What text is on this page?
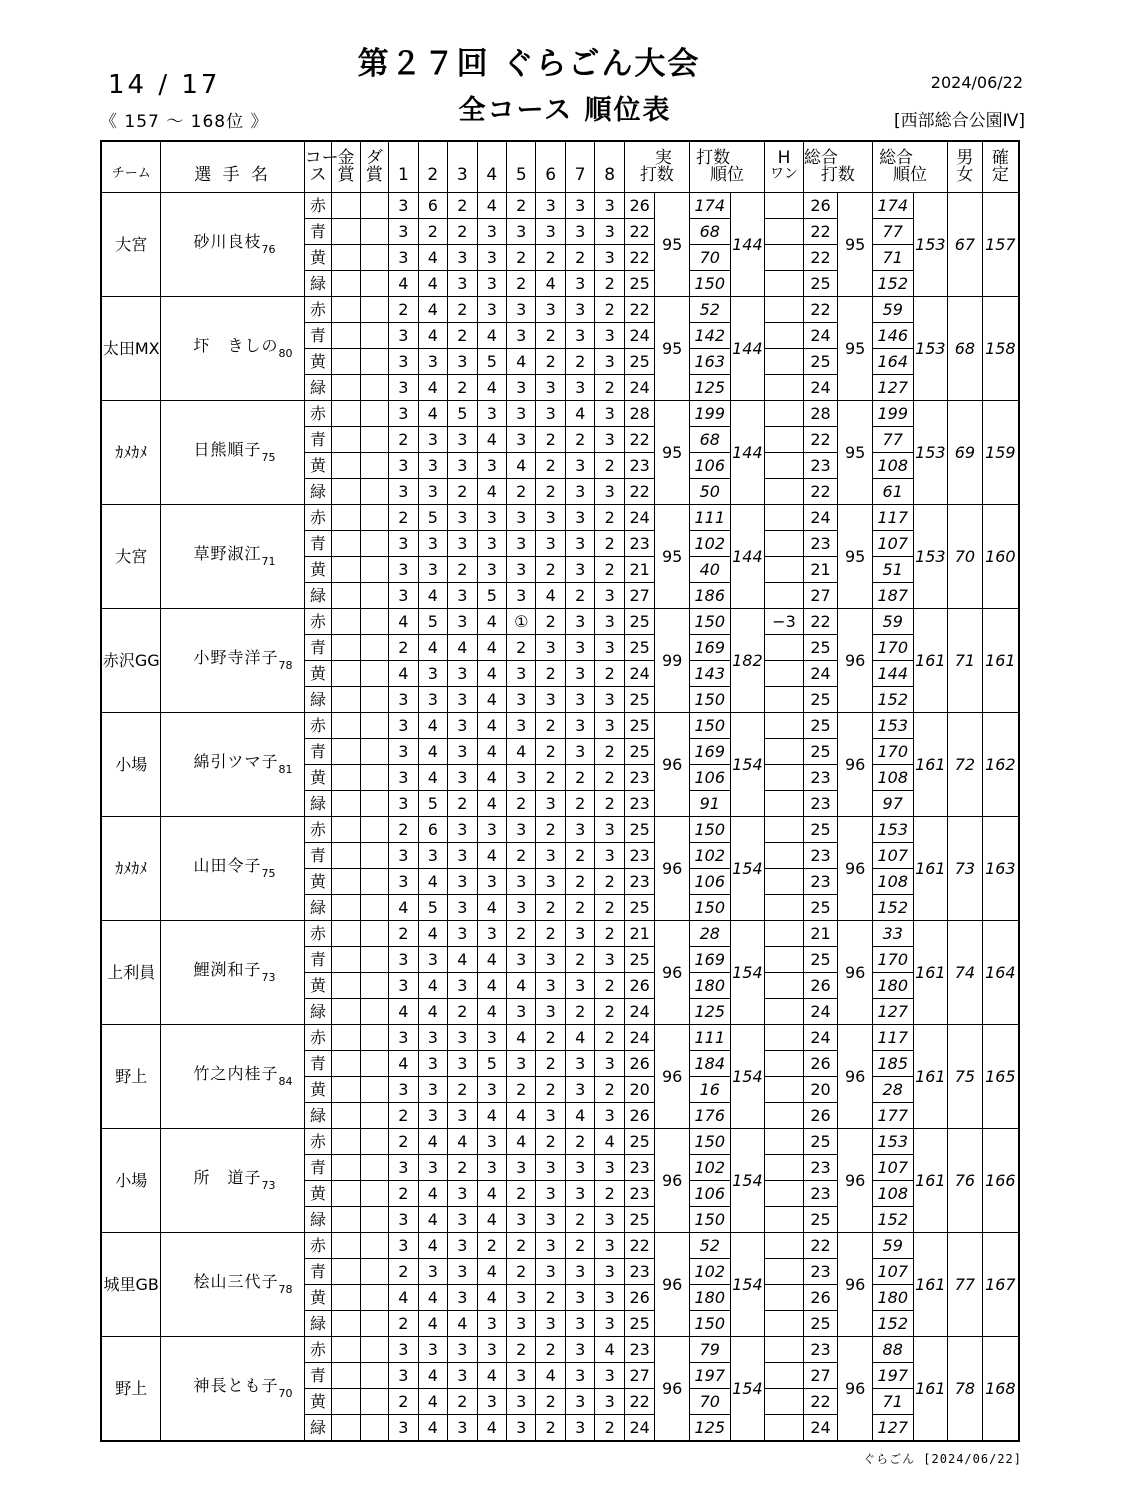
第２７回 ぐらごん大会
14 / 17	2024/06/22
《 157 ～ 168位 》	全コース 順位表	[西部総合公園Ⅳ]
		コー	金	ダ										実	打数		H	総合		総合		男	確
チーム	選 手 名	ス	賞	賞	1	2	3	4	5	6	7	8	打数		順位		ワン	打数		順位		女	定
大宮	砂川良枝$_{76}$	赤			3	6	2	4	2	3	3	3	26	95	174	144		26	95	174	153	67	157
		青			3	2	2	3	3	3	3	3	22		68			22		77			
		黄			3	4	3	3	2	2	2	3	22		70			22		71			
		緑			4	4	3	3	2	4	3	2	25		150			25		152			
太田MX	圷　きしの$_{80}$	赤			2	4	2	3	3	3	3	2	22	95	52	144		22	95	59	153	68	158
		青			3	4	2	4	3	2	3	3	24		142			24		146			
		黄			3	3	3	5	4	2	2	3	25		163			25		164			
		緑			3	4	2	4	3	3	3	2	24		125			24		127			
ｶﾒｶﾒ	日熊順子$_{75}$	赤			3	4	5	3	3	3	4	3	28	95	199	144		28	95	199	153	69	159
		青			2	3	3	4	3	2	2	3	22		68			22		77			
		黄			3	3	3	3	4	2	3	2	23		106			23		108			
		緑			3	3	2	4	2	2	3	3	22		50			22		61			
大宮	草野淑江$_{71}$	赤			2	5	3	3	3	3	3	2	24	95	111	144		24	95	117	153	70	160
		青			3	3	3	3	3	3	3	2	23		102			23		107			
		黄			3	3	2	3	3	2	3	2	21		40			21		51			
		緑			3	4	3	5	3	4	2	3	27		186			27		187			
赤沢GG	小野寺洋子$_{78}$	赤			4	5	3	4	①	2	3	3	25	99	150	182	−3	22	96	59	161	71	161
		青			2	4	4	4	2	3	3	3	25		169			25		170			
		黄			4	3	3	4	3	2	3	2	24		143			24		144			
		緑			3	3	3	4	3	3	3	3	25		150			25		152			
小場	綿引ツマ子$_{81}$	赤			3	4	3	4	3	2	3	3	25	96	150	154		25	96	153	161	72	162
		青			3	4	3	4	4	2	3	2	25		169			25		170			
		黄			3	4	3	4	3	2	2	2	23		106			23		108			
		緑			3	5	2	4	2	3	2	2	23		91			23		97			
ｶﾒｶﾒ	山田令子$_{75}$	赤			2	6	3	3	3	2	3	3	25	96	150	154		25	96	153	161	73	163
		青			3	3	3	4	2	3	2	3	23		102			23		107			
		黄			3	4	3	3	3	3	2	2	23		106			23		108			
		緑			4	5	3	4	3	2	2	2	25		150			25		152			
上利員	鯉渕和子$_{73}$	赤			2	4	3	3	2	2	3	2	21	96	28	154		21	96	33	161	74	164
		青			3	3	4	4	3	3	2	3	25		169			25		170			
		黄			3	4	3	4	4	3	3	2	26		180			26		180			
		緑			4	4	2	4	3	3	2	2	24		125			24		127			
野上	竹之内桂子$_{84}$	赤			3	3	3	3	4	2	4	2	24	96	111	154		24	96	117	161	75	165
		青			4	3	3	5	3	2	3	3	26		184			26		185			
		黄			3	3	2	3	2	2	3	2	20		16			20		28			
		緑			2	3	3	4	4	3	4	3	26		176			26		177			
小場	所　道子$_{73}$	赤			2	4	4	3	4	2	2	4	25	96	150	154		25	96	153	161	76	166
		青			3	3	2	3	3	3	3	3	23		102			23		107			
		黄			2	4	3	4	2	3	3	2	23		106			23		108			
		緑			3	4	3	4	3	3	2	3	25		150			25		152			
城里GB	桧山三代子$_{78}$	赤			3	4	3	2	2	3	2	3	22	96	52	154		22	96	59	161	77	167
		青			2	3	3	4	2	3	3	3	23		102			23		107			
		黄			4	4	3	4	3	2	3	3	26		180			26		180			
		緑			2	4	4	3	3	3	3	3	25		150			25		152			
野上	神長とも子$_{70}$	赤			3	3	3	3	2	2	3	4	23	96	79	154		23	96	88	161	78	168
		青			3	4	3	4	3	4	3	3	27		197			27		197			
		黄			2	4	2	3	3	2	3	3	22		70			22		71			
		緑			3	4	3	4	3	2	3	2	24		125			24		127			
ぐらごん [2024/06/22]
